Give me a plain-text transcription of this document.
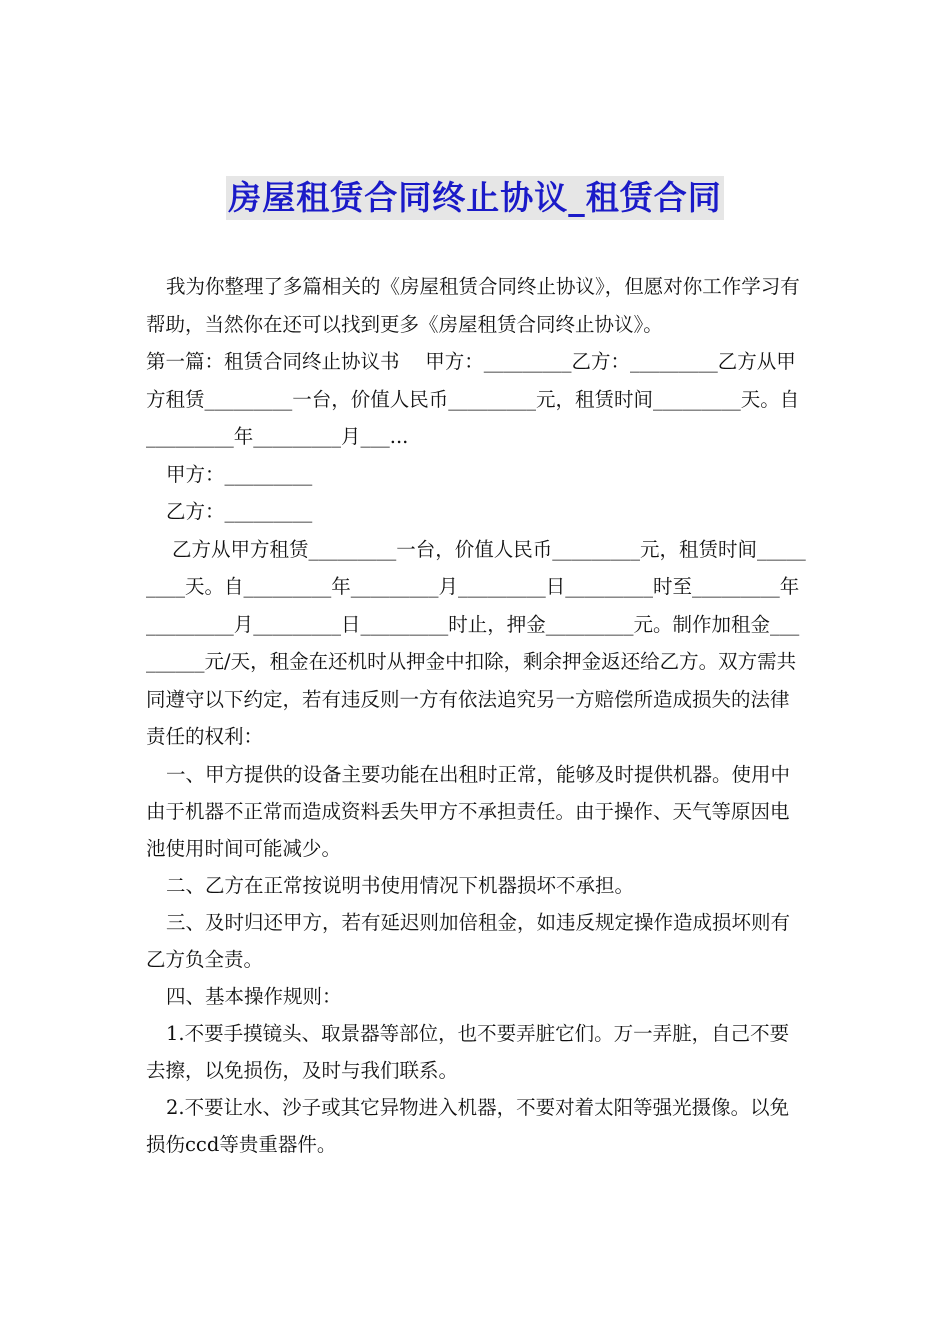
房屋租赁合同终止协议_租赁合同

我为你整理了多篇相关的《房屋租赁合同终止协议》，但愿对你工作学习有帮助，当然你在还可以找到更多《房屋租赁合同终止协议》。

第一篇：租赁合同终止协议书　 甲方：_________乙方：_________乙方从甲方租赁_________一台，价值人民币_________元，租赁时间_________天。自_________年_________月___...

甲方：_________

乙方：_________

乙方从甲方租赁_________一台，价值人民币_________元，租赁时间_________天。自_________年_________月_________日_________时至_________年_________月_________日_________时止，押金_________元。制作加租金_________元/天，租金在还机时从押金中扣除，剩余押金返还给乙方。双方需共同遵守以下约定，若有违反则一方有依法追究另一方赔偿所造成损失的法律责任的权利：

一、甲方提供的设备主要功能在出租时正常，能够及时提供机器。使用中由于机器不正常而造成资料丢失甲方不承担责任。由于操作、天气等原因电池使用时间可能减少。

二、乙方在正常按说明书使用情况下机器损坏不承担。

三、及时归还甲方，若有延迟则加倍租金，如违反规定操作造成损坏则有乙方负全责。

四、基本操作规则：

1.不要手摸镜头、取景器等部位，也不要弄脏它们。万一弄脏，自己不要去擦，以免损伤，及时与我们联系。

2.不要让水、沙子或其它异物进入机器，不要对着太阳等强光摄像。以免损伤ccd等贵重器件。
